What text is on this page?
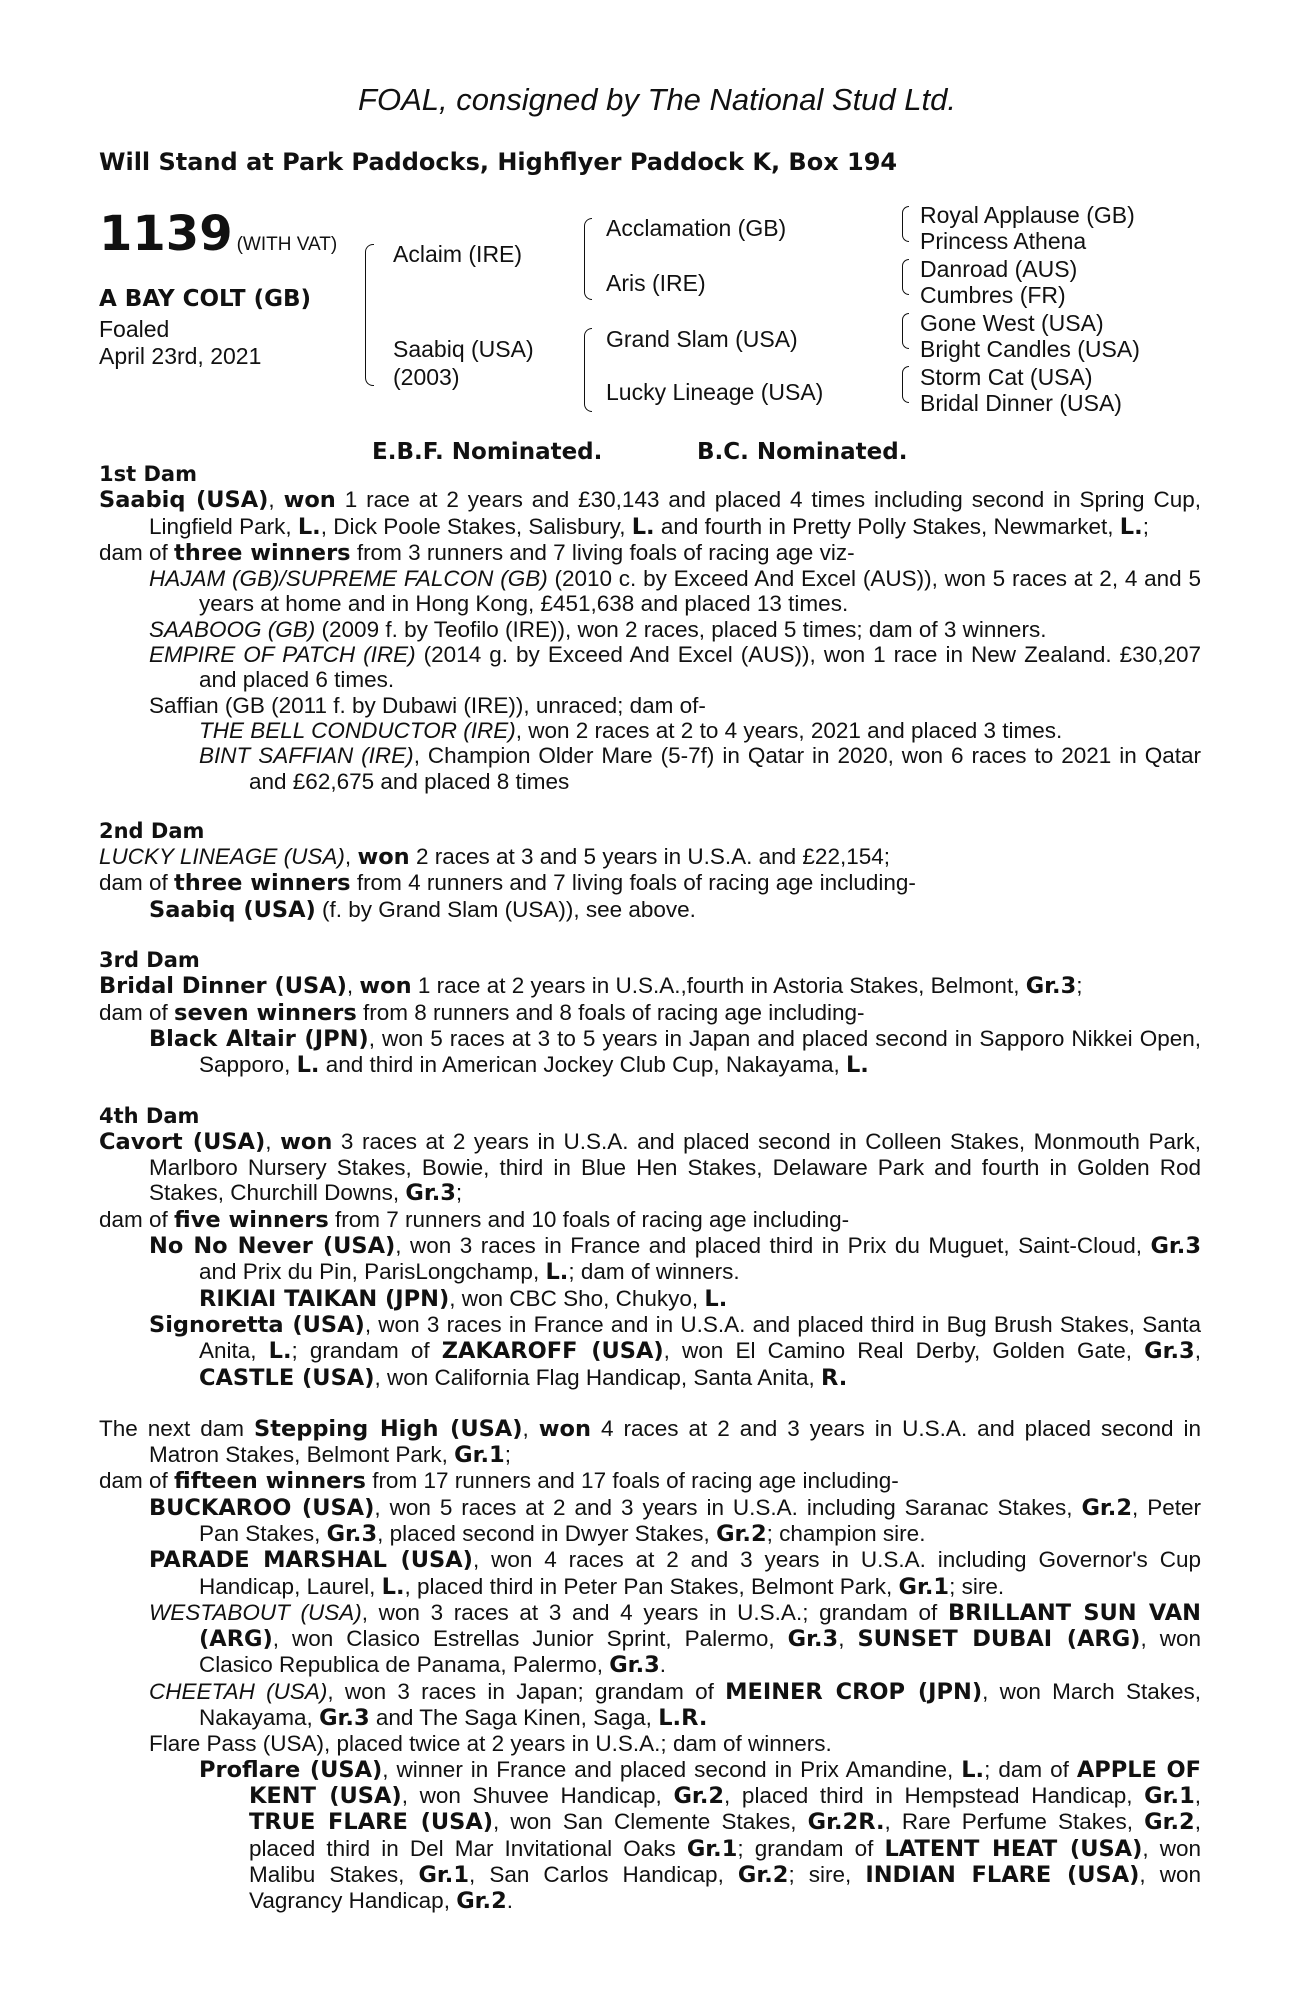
FOAL, consigned by The National Stud Ltd.
Will Stand at Park Paddocks, Highflyer Paddock K, Box 194
1139 (WITH VAT)
A BAY COLT (GB)
Foaled
April 23rd, 2021
Aclaim (IRE)
Saabiq (USA)
(2003)
Acclamation (GB)
Aris (IRE)
Grand Slam (USA)
Lucky Lineage (USA)
Royal Applause (GB)
Princess Athena
Danroad (AUS)
Cumbres (FR)
Gone West (USA)
Bright Candles (USA)
Storm Cat (USA)
Bridal Dinner (USA)
E.B.F. Nominated.	B.C. Nominated.
1st Dam

Saabiq (USA), won 1 race at 2 years and £30,143 and placed 4 times including second in Spring Cup, Lingfield Park, L., Dick Poole Stakes, Salisbury, L. and fourth in Pretty Polly Stakes, Newmarket, L.;

dam of three winners from 3 runners and 7 living foals of racing age viz-

HAJAM (GB)/SUPREME FALCON (GB) (2010 c. by Exceed And Excel (AUS)), won 5 races at 2, 4 and 5 years at home and in Hong Kong, £451,638 and placed 13 times.

SAABOOG (GB) (2009 f. by Teofilo (IRE)), won 2 races, placed 5 times; dam of 3 winners.

EMPIRE OF PATCH (IRE) (2014 g. by Exceed And Excel (AUS)), won 1 race in New Zealand. £30,207 and placed 6 times.

Saffian (GB (2011 f. by Dubawi (IRE)), unraced; dam of-

THE BELL CONDUCTOR (IRE), won 2 races at 2 to 4 years, 2021 and placed 3 times.

BINT SAFFIAN (IRE), Champion Older Mare (5-7f) in Qatar in 2020, won 6 races to 2021 in Qatar and £62,675 and placed 8 times

2nd Dam

LUCKY LINEAGE (USA), won 2 races at 3 and 5 years in U.S.A. and £22,154;

dam of three winners from 4 runners and 7 living foals of racing age including-

Saabiq (USA) (f. by Grand Slam (USA)), see above.

3rd Dam

Bridal Dinner (USA), won 1 race at 2 years in U.S.A.,fourth in Astoria Stakes, Belmont, Gr.3;

dam of seven winners from 8 runners and 8 foals of racing age including-

Black Altair (JPN), won 5 races at 3 to 5 years in Japan and placed second in Sapporo Nikkei Open, Sapporo, L. and third in American Jockey Club Cup, Nakayama, L.

4th Dam

Cavort (USA), won 3 races at 2 years in U.S.A. and placed second in Colleen Stakes, Monmouth Park, Marlboro Nursery Stakes, Bowie, third in Blue Hen Stakes, Delaware Park and fourth in Golden Rod Stakes, Churchill Downs, Gr.3;

dam of five winners from 7 runners and 10 foals of racing age including-

No No Never (USA), won 3 races in France and placed third in Prix du Muguet, Saint-Cloud, Gr.3 and Prix du Pin, ParisLongchamp, L.; dam of winners.

RIKIAI TAIKAN (JPN), won CBC Sho, Chukyo, L.

Signoretta (USA), won 3 races in France and in U.S.A. and placed third in Bug Brush Stakes, Santa Anita, L.; grandam of ZAKAROFF (USA), won El Camino Real Derby, Golden Gate, Gr.3, CASTLE (USA), won California Flag Handicap, Santa Anita, R.

The next dam Stepping High (USA), won 4 races at 2 and 3 years in U.S.A. and placed second in Matron Stakes, Belmont Park, Gr.1;

dam of fifteen winners from 17 runners and 17 foals of racing age including-

BUCKAROO (USA), won 5 races at 2 and 3 years in U.S.A. including Saranac Stakes, Gr.2, Peter Pan Stakes, Gr.3, placed second in Dwyer Stakes, Gr.2; champion sire.

PARADE MARSHAL (USA), won 4 races at 2 and 3 years in U.S.A. including Governor's Cup Handicap, Laurel, L., placed third in Peter Pan Stakes, Belmont Park, Gr.1; sire.

WESTABOUT (USA), won 3 races at 3 and 4 years in U.S.A.; grandam of BRILLANT SUN VAN (ARG), won Clasico Estrellas Junior Sprint, Palermo, Gr.3, SUNSET DUBAI (ARG), won Clasico Republica de Panama, Palermo, Gr.3.

CHEETAH (USA), won 3 races in Japan; grandam of MEINER CROP (JPN), won March Stakes, Nakayama, Gr.3 and The Saga Kinen, Saga, L.R.

Flare Pass (USA), placed twice at 2 years in U.S.A.; dam of winners.

Proflare (USA), winner in France and placed second in Prix Amandine, L.; dam of APPLE OF KENT (USA), won Shuvee Handicap, Gr.2, placed third in Hempstead Handicap, Gr.1, TRUE FLARE (USA), won San Clemente Stakes, Gr.2R., Rare Perfume Stakes, Gr.2, placed third in Del Mar Invitational Oaks Gr.1; grandam of LATENT HEAT (USA), won Malibu Stakes, Gr.1, San Carlos Handicap, Gr.2; sire, INDIAN FLARE (USA), won Vagrancy Handicap, Gr.2.
